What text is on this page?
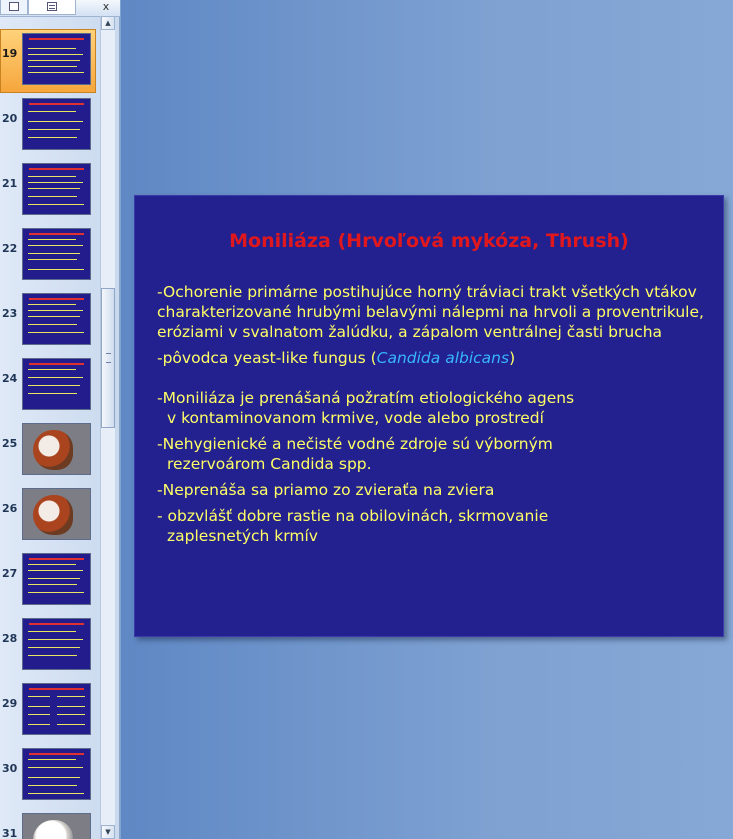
x
19
20
21
22
23
24
25
26
27
28
29
30
31
▲
▼
Moniliáza (Hrvoľová mykóza, Thrush)

-Ochorenie primárne postihujúce horný tráviaci trakt všetkých vtákov charakterizované hrubými belavými nálepmi na hrvoli a proventrikule, eróziami v svalnatom žalúdku, a zápalom ventrálnej časti brucha

-pôvodca yeast-like fungus (Candida albicans)

-Moniliáza je prenášaná požratím etiologického agens
v kontaminovanom krmive, vode alebo prostredí

-Nehygienické a nečisté vodné zdroje sú výborným
rezervoárom Candida spp.

-Neprenáša sa priamo zo zvieraťa na zviera

- obzvlášť dobre rastie na obilovinách, skrmovanie
zaplesnetých krmív
